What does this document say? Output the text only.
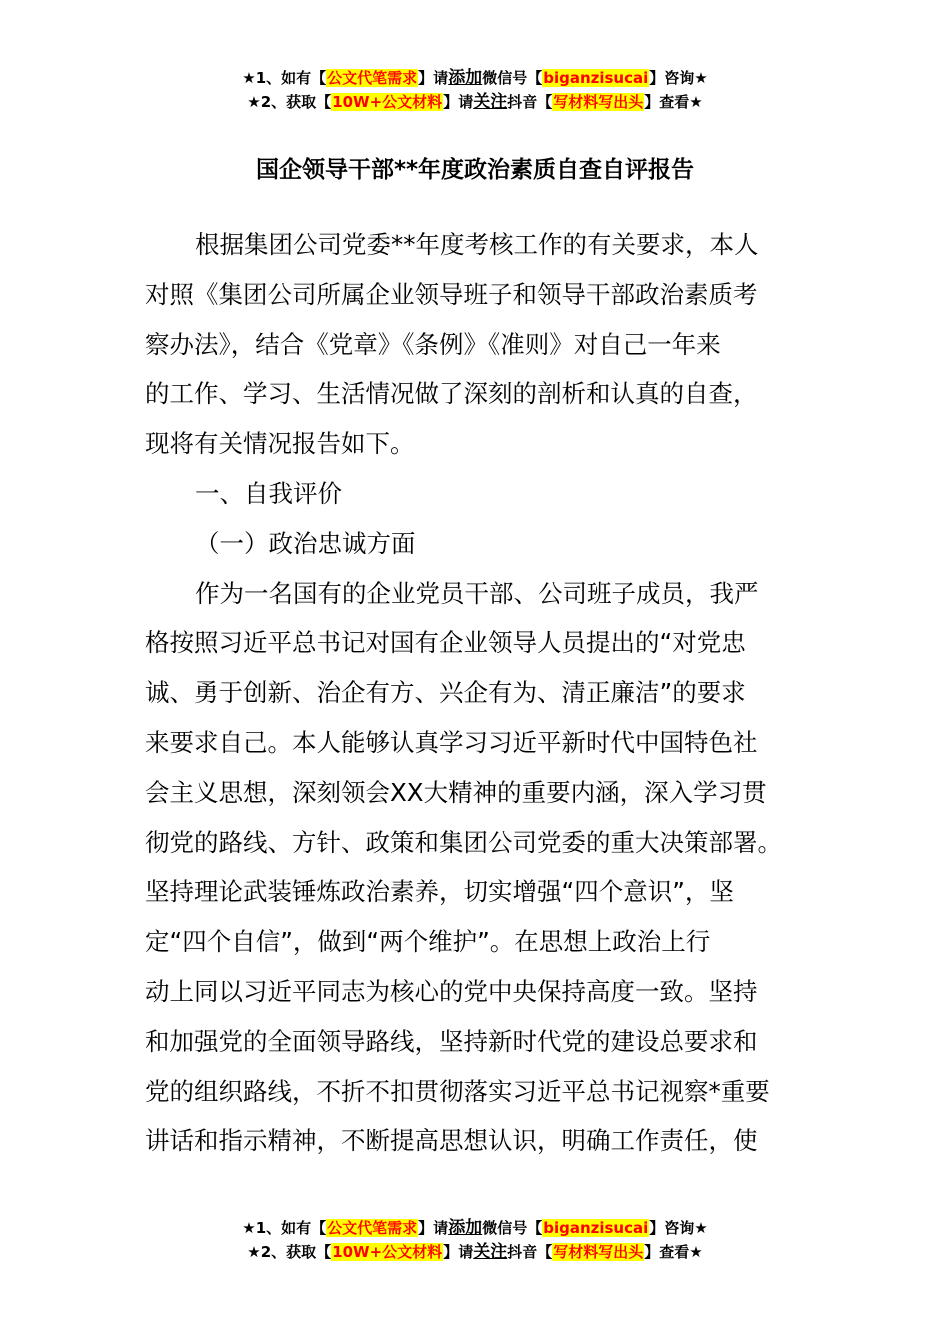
★1、如有【公文代笔需求】请添加微信号【biganzisucai】咨询★
★2、获取【10W+公文材料】请关注抖音【写材料写出头】查看★
国企领导干部**年度政治素质自查自评报告
根据集团公司党委**年度考核工作的有关要求，本人
对照《集团公司所属企业领导班子和领导干部政治素质考
察办法》，结合《党章》《条例》《准则》对自己一年来
的工作、学习、生活情况做了深刻的剖析和认真的自查，
现将有关情况报告如下。
一、自我评价
（一）政治忠诚方面
作为一名国有的企业党员干部、公司班子成员，我严
格按照习近平总书记对国有企业领导人员提出的“对党忠
诚、勇于创新、治企有方、兴企有为、清正廉洁”的要求
来要求自己。本人能够认真学习习近平新时代中国特色社
会主义思想，深刻领会XX大精神的重要内涵，深入学习贯
彻党的路线、方针、政策和集团公司党委的重大决策部署。
坚持理论武装锤炼政治素养，切实增强“四个意识”，坚
定“四个自信”，做到“两个维护”。在思想上政治上行
动上同以习近平同志为核心的党中央保持高度一致。坚持
和加强党的全面领导路线，坚持新时代党的建设总要求和
党的组织路线，不折不扣贯彻落实习近平总书记视察*重要
讲话和指示精神，不断提高思想认识，明确工作责任，使
★1、如有【公文代笔需求】请添加微信号【biganzisucai】咨询★
★2、获取【10W+公文材料】请关注抖音【写材料写出头】查看★
